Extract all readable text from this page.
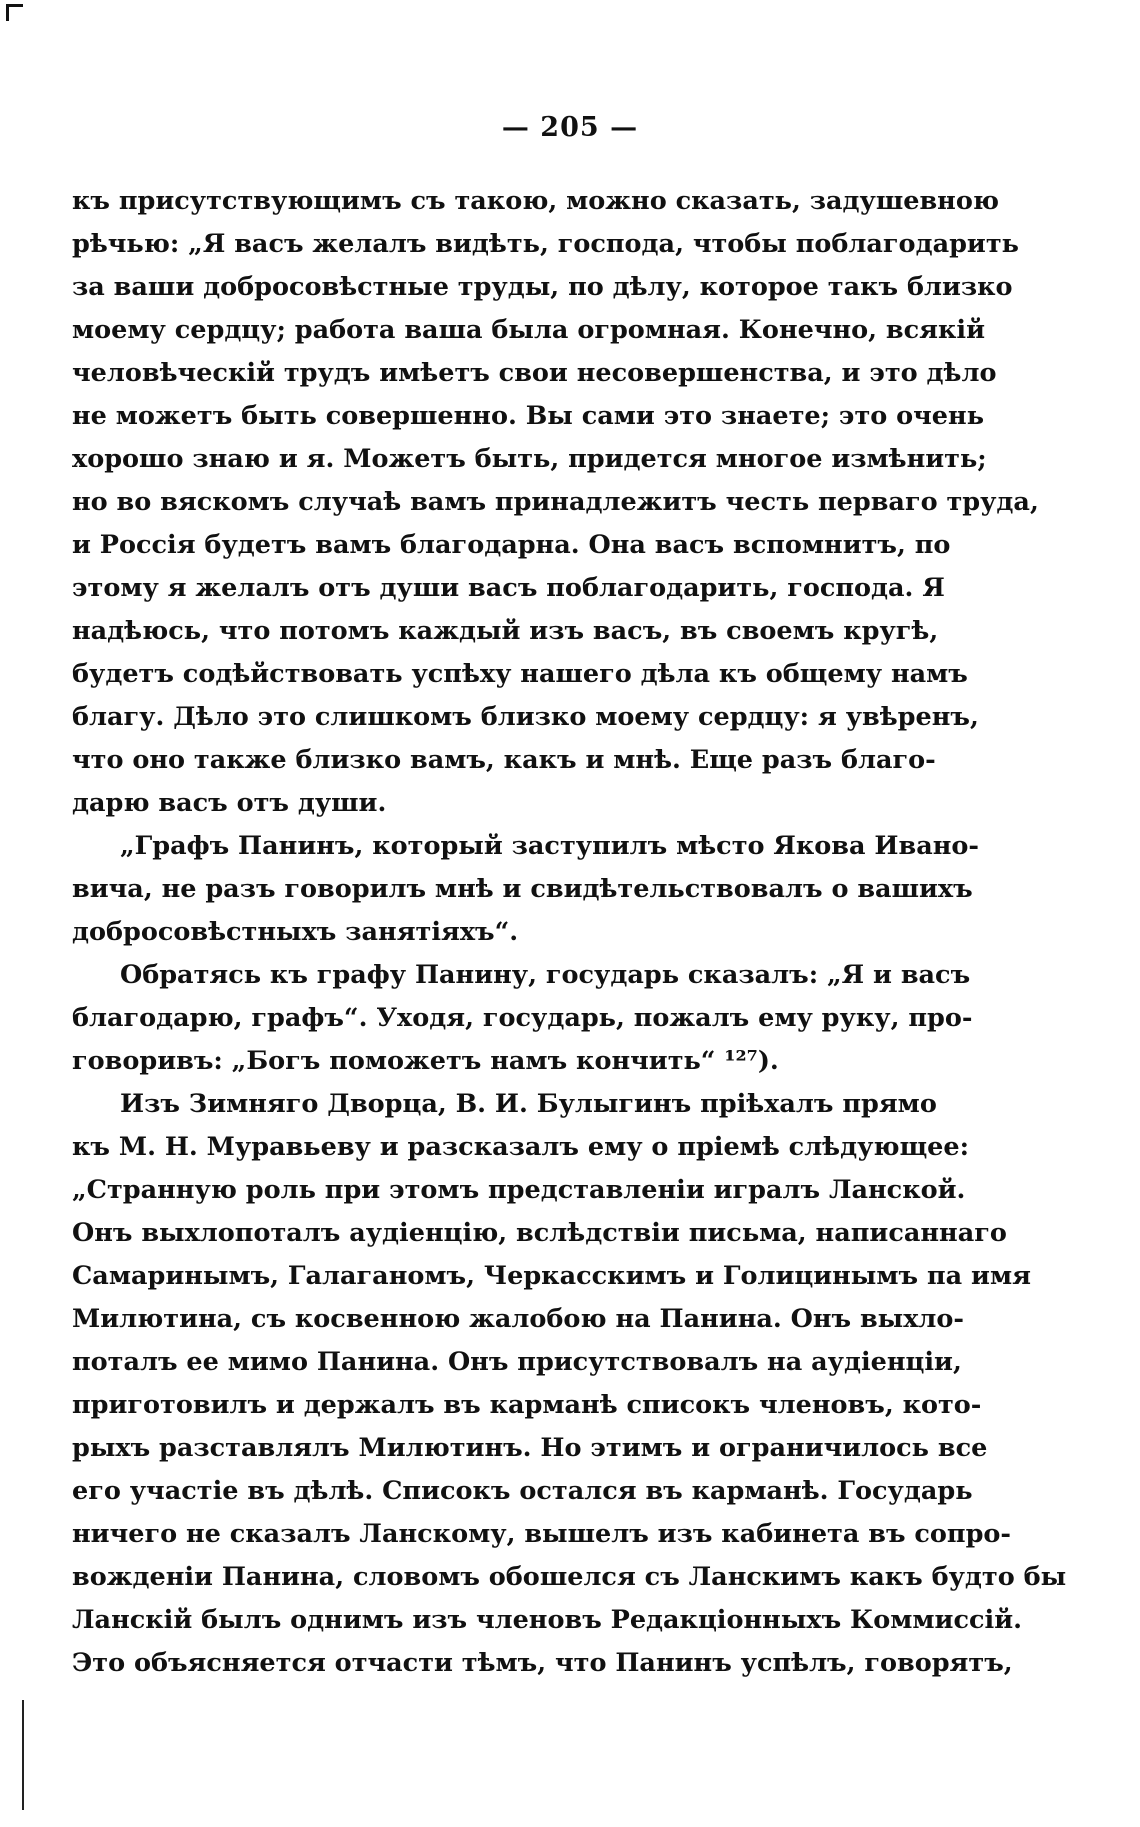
— 205 —
къ присутствующимъ съ такою, можно сказать, задушевною
рѣчью: „Я васъ желалъ видѣть, господа, чтобы поблагодарить
за ваши добросовѣстные труды, по дѣлу, которое такъ близко
моему сердцу; работа ваша была огромная. Конечно, всякій
человѣческій трудъ имѣетъ свои несовершенства, и это дѣло
не можетъ быть совершенно. Вы сами это знаете; это очень
хорошо знаю и я. Можетъ быть, придется многое измѣнить;
но во вяскомъ случаѣ вамъ принадлежитъ честь перваго труда,
и Россія будетъ вамъ благодарна. Она васъ вспомнитъ, по
этому я желалъ отъ души васъ поблагодарить, господа. Я
надѣюсь, что потомъ каждый изъ васъ, въ своемъ кругѣ,
будетъ содѣйствовать успѣху нашего дѣла къ общему намъ
благу. Дѣло это слишкомъ близко моему сердцу: я увѣренъ,
что оно также близко вамъ, какъ и мнѣ. Еще разъ благо-
дарю васъ отъ души.
„Графъ Панинъ, который заступилъ мѣсто Якова Ивано-
вича, не разъ говорилъ мнѣ и свидѣтельствовалъ о вашихъ
добросовѣстныхъ занятіяхъ“.
Обратясь къ графу Панину, государь сказалъ: „Я и васъ
благодарю, графъ“. Уходя, государь, пожалъ ему руку, про-
говоривъ: „Богъ поможетъ намъ кончить“ ¹²⁷).
Изъ Зимняго Дворца, В. И. Булыгинъ пріѣхалъ прямо
къ М. Н. Муравьеву и разсказалъ ему о пріемѣ слѣдующее:
„Странную роль при этомъ представленіи игралъ Ланской.
Онъ выхлопоталъ аудіенцію, вслѣдствіи письма, написаннаго
Самаринымъ, Галаганомъ, Черкасскимъ и Голицинымъ па имя
Милютина, съ косвенною жалобою на Панина. Онъ выхло-
поталъ ее мимо Панина. Онъ присутствовалъ на аудіенціи,
приготовилъ и держалъ въ карманѣ списокъ членовъ, кото-
рыхъ разставлялъ Милютинъ. Но этимъ и ограничилось все
его участіе въ дѣлѣ. Списокъ остался въ карманѣ. Государь
ничего не сказалъ Ланскому, вышелъ изъ кабинета въ сопро-
вожденіи Панина, словомъ обошелся съ Ланскимъ какъ будто бы
Ланскій былъ однимъ изъ членовъ Редакціонныхъ Коммиссій.
Это объясняется отчасти тѣмъ, что Панинъ успѣлъ, говорятъ,
